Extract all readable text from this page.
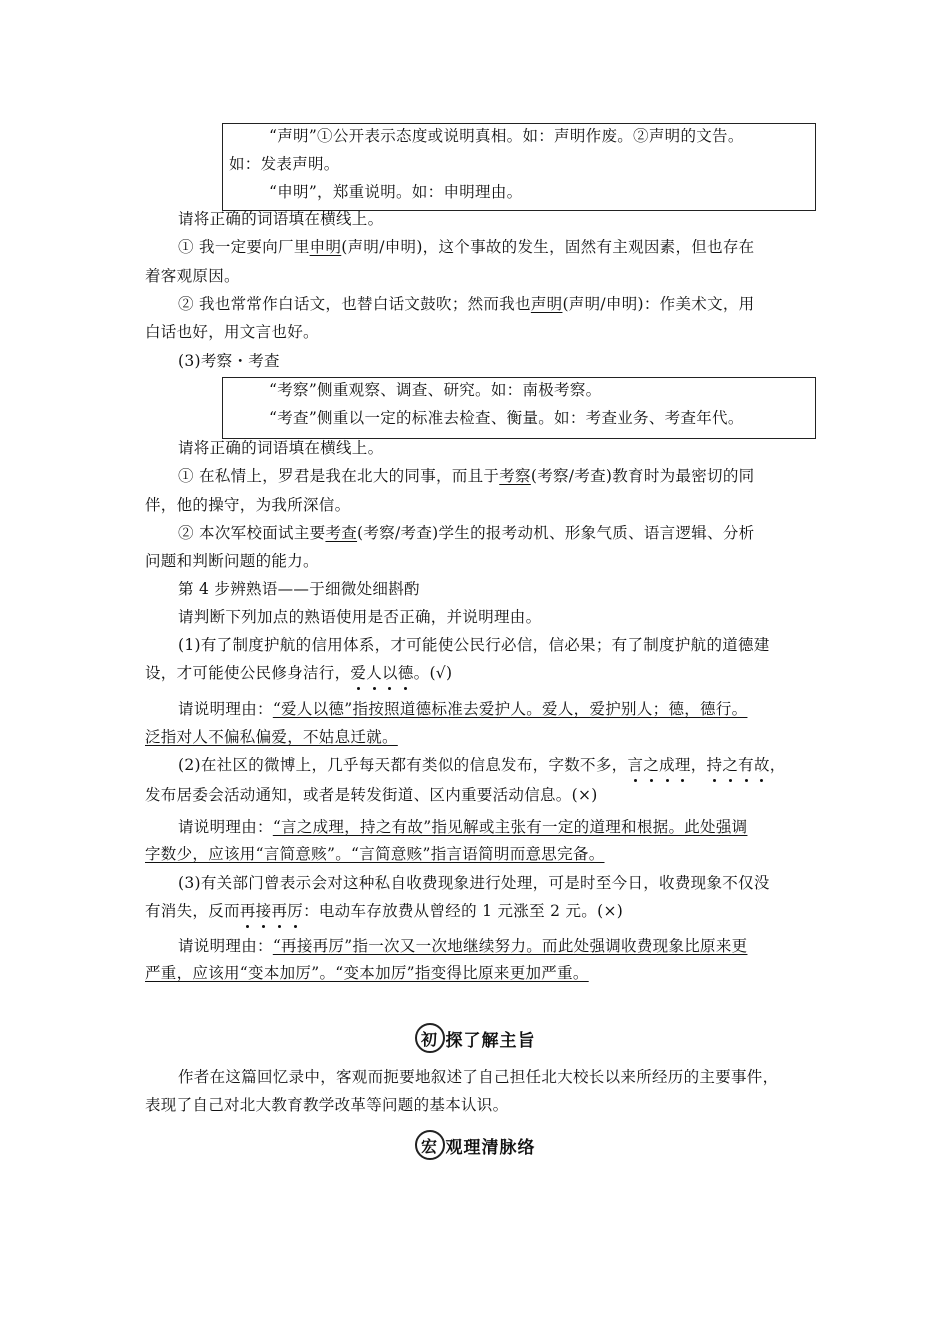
“声明”①公开表示态度或说明真相。如：声明作废。②声明的文告。
如：发表声明。
“申明”，郑重说明。如：申明理由。
请将正确的词语填在横线上。
① 我一定要向厂里申明(声明/申明)，这个事故的发生，固然有主观因素，但也存在
着客观原因。
② 我也常常作白话文，也替白话文鼓吹；然而我也声明(声明/申明)：作美术文，用
白话也好，用文言也好。
(3)考察・考查
“考察”侧重观察、调查、研究。如：南极考察。
“考查”侧重以一定的标准去检查、衡量。如：考查业务、考查年代。
请将正确的词语填在横线上。
① 在私情上，罗君是我在北大的同事，而且于考察(考察/考查)教育时为最密切的同
伴，他的操守，为我所深信。
② 本次军校面试主要考查(考察/考查)学生的报考动机、形象气质、语言逻辑、分析
问题和判断问题的能力。
第 4 步辨熟语——于细微处细斟酌
请判断下列加点的熟语使用是否正确，并说明理由。
(1)有了制度护航的信用体系，才可能使公民行必信，信必果；有了制度护航的道德建
设，才可能使公民修身洁行，爱人以德。(√)
请说明理由：“爱人以德”指按照道德标准去爱护人。爱人，爱护别人；德，德行。
泛指对人不偏私偏爱，不姑息迁就。
(2)在社区的微博上，几乎每天都有类似的信息发布，字数不多，言之成理，持之有故，
发布居委会活动通知，或者是转发街道、区内重要活动信息。(×)
请说明理由：“言之成理，持之有故”指见解或主张有一定的道理和根据。此处强调
字数少，应该用“言简意赅”。“言简意赅”指言语简明而意思完备。
(3)有关部门曾表示会对这种私自收费现象进行处理，可是时至今日，收费现象不仅没
有消失，反而再接再厉：电动车存放费从曾经的 1 元涨至 2 元。(×)
请说明理由：“再接再厉”指一次又一次地继续努力。而此处强调收费现象比原来更
严重，应该用“变本加厉”。“变本加厉”指变得比原来更加严重。
初 探了解主旨
作者在这篇回忆录中，客观而扼要地叙述了自己担任北大校长以来所经历的主要事件，
表现了自己对北大教育教学改革等问题的基本认识。
宏 观理清脉络
